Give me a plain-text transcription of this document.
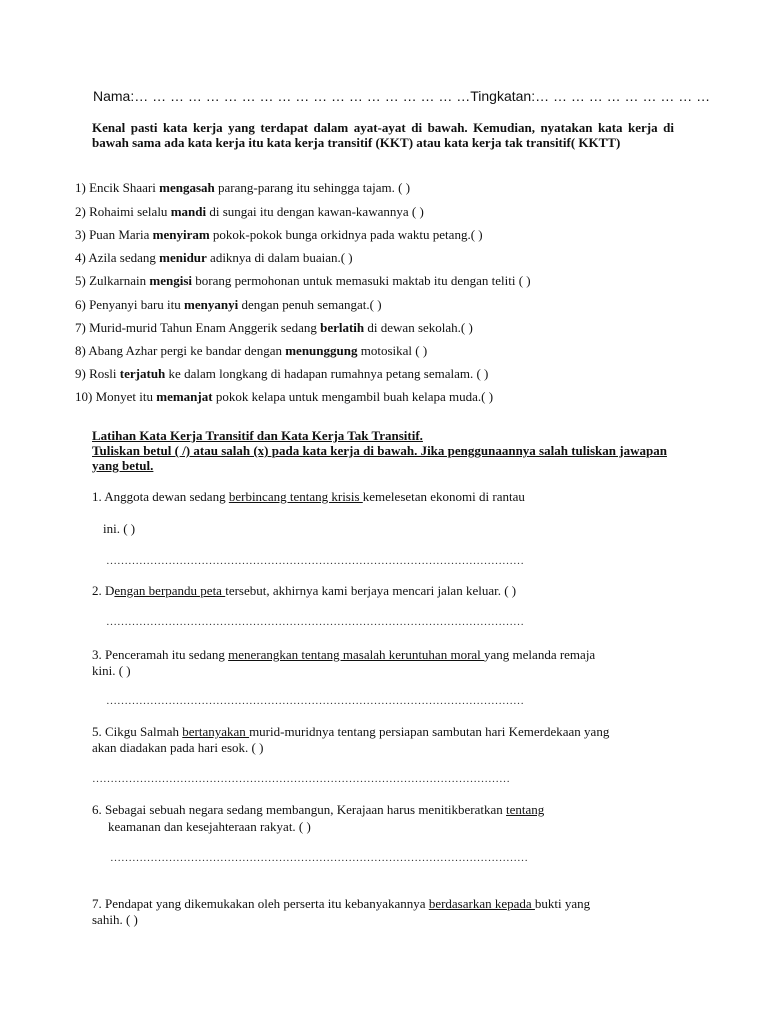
Nama:… … … … … … … … … … … … … … … … … … …Tingkatan:… … … … … … … … … …
Kenal pasti kata kerja yang terdapat dalam ayat-ayat di bawah. Kemudian, nyatakan kata kerja di bawah sama ada kata kerja itu kata kerja transitif (KKT) atau kata kerja tak transitif( KKTT)
1) Encik Shaari mengasah parang-parang itu sehingga tajam. ( )
2) Rohaimi selalu mandi di sungai itu dengan kawan-kawannya ( )
3) Puan Maria menyiram pokok-pokok bunga orkidnya pada waktu petang.( )
4) Azila sedang menidur adiknya di dalam buaian.( )
5) Zulkarnain mengisi borang permohonan untuk memasuki maktab itu dengan teliti ( )
6) Penyanyi baru itu menyanyi dengan penuh semangat.( )
7) Murid-murid Tahun Enam Anggerik sedang berlatih di dewan sekolah.( )
8) Abang Azhar pergi ke bandar dengan menunggung motosikal ( )
9) Rosli terjatuh ke dalam longkang di hadapan rumahnya petang semalam. ( )
10) Monyet itu memanjat pokok kelapa untuk mengambil buah kelapa muda.( )
Latihan Kata Kerja Transitif dan Kata Kerja Tak Transitif.
Tuliskan betul ( /) atau salah (x) pada kata kerja di bawah. Jika penggunaannya salah tuliskan jawapan yang betul.
1. Anggota dewan sedang berbincang tentang krisis kemelesetan ekonomi di rantau
ini. ( )
……………………………………………………………………………………………………
2. Dengan berpandu peta tersebut, akhirnya kami berjaya mencari jalan keluar. ( )
……………………………………………………………………………………………………
3. Penceramah itu sedang menerangkan tentang masalah keruntuhan moral yang melanda remaja
kini. ( )
……………………………………………………………………………………………………
5. Cikgu Salmah bertanyakan murid-muridnya tentang persiapan sambutan hari Kemerdekaan yang
akan diadakan pada hari esok. ( )
……………………………………………………………………………………………………
6. Sebagai sebuah negara sedang membangun, Kerajaan harus menitikberatkan tentang
keamanan dan kesejahteraan rakyat. ( )
……………………………………………………………………………………………………
7. Pendapat yang dikemukakan oleh perserta itu kebanyakannya berdasarkan kepada bukti yang
sahih. ( )
